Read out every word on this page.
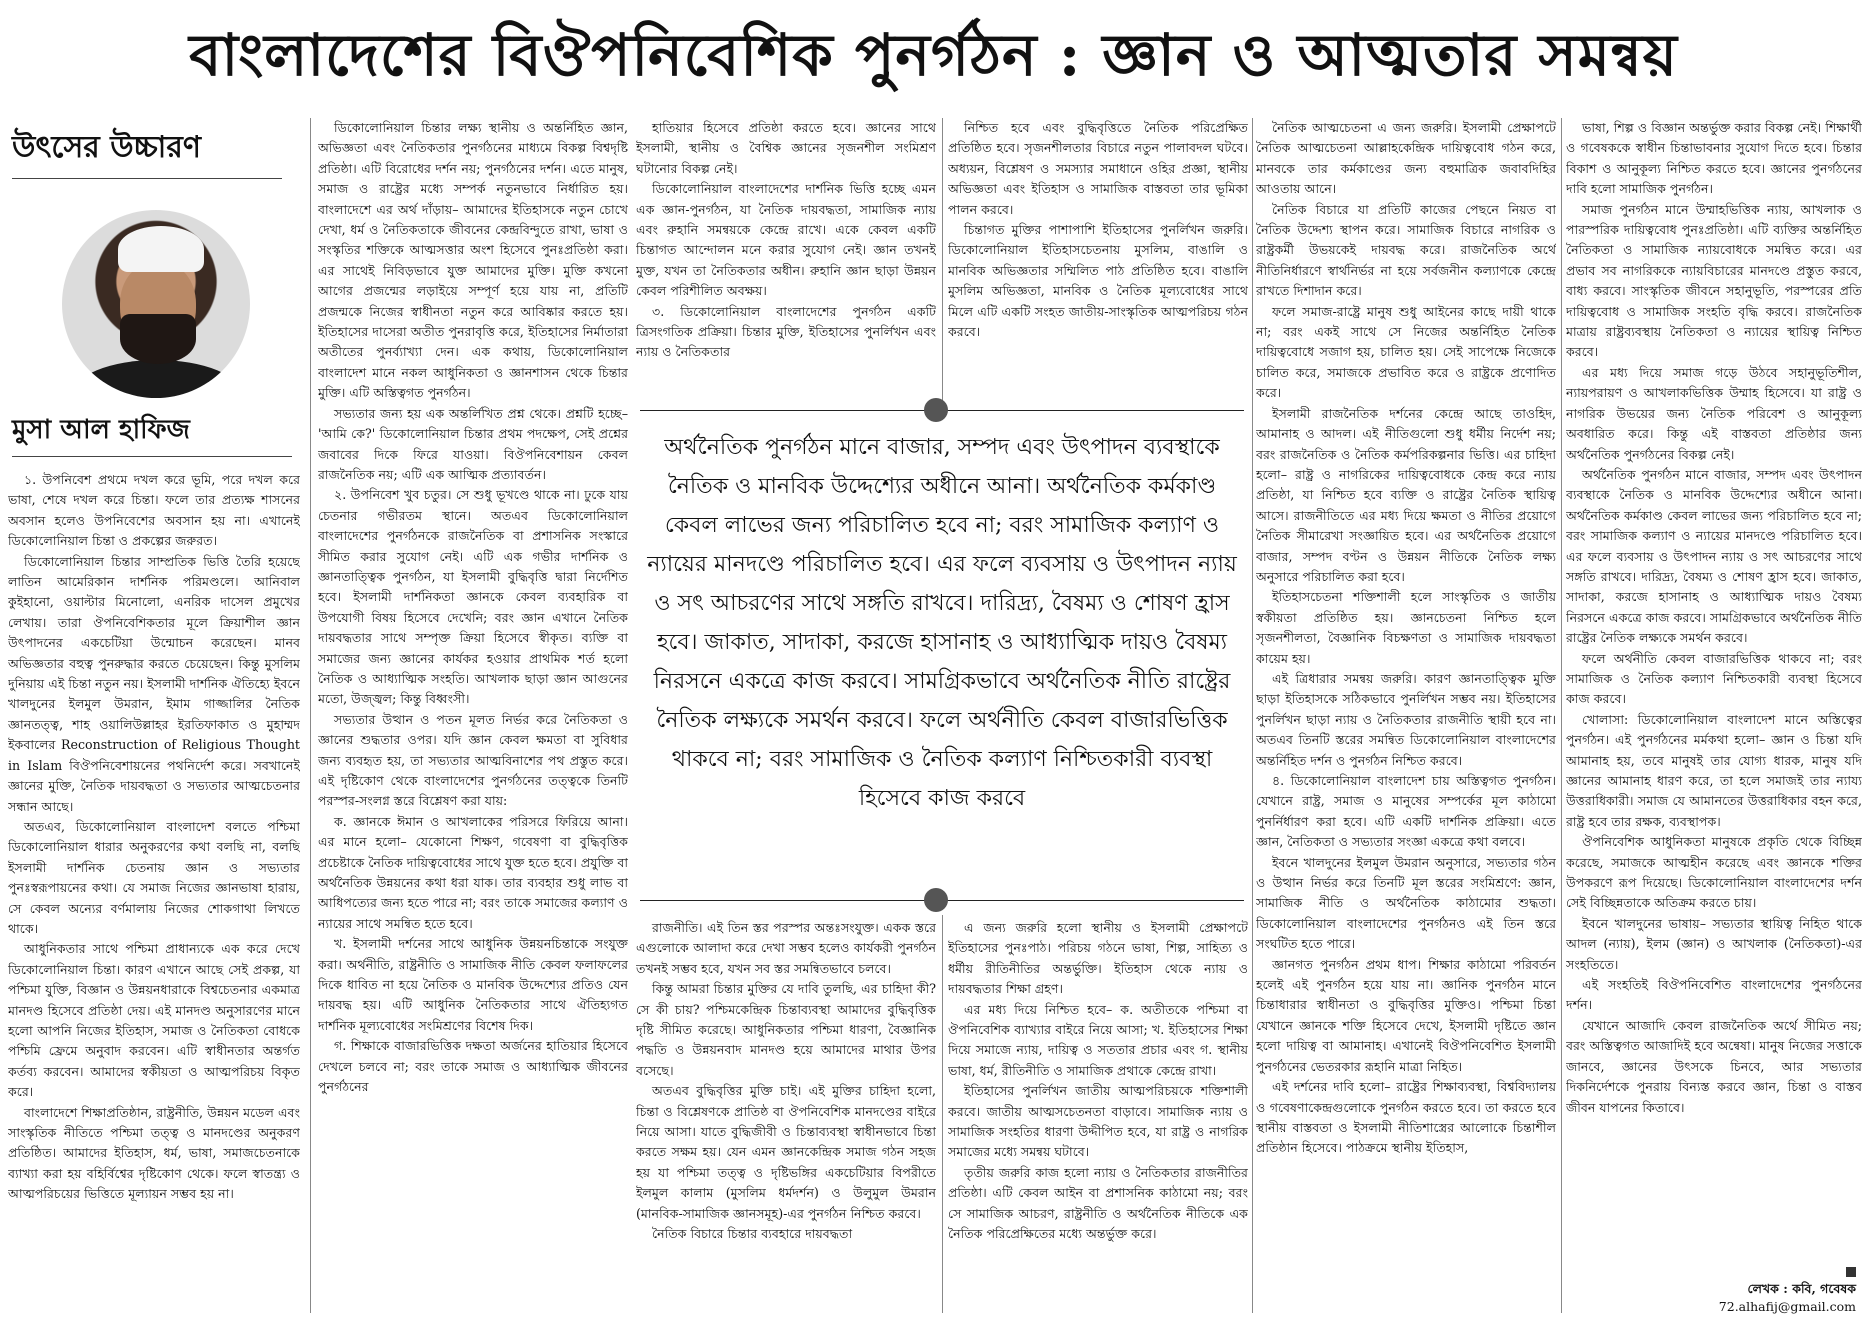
বাংলাদেশের বিঔপনিবেশিক পুনর্গঠন : জ্ঞান ও আত্মতার সমন্বয়
উৎসের উচ্চারণ
মুসা আল হাফিজ

১. উপনিবেশ প্রথমে দখল করে ভূমি, পরে দখল করে ভাষা, শেষে দখল করে চিন্তা। ফলে তার প্রত্যক্ষ শাসনের অবসান হলেও উপনিবেশের অবসান হয় না। এখানেই ডিকোলোনিয়াল চিন্তা ও প্রকল্পের জরুরত।

ডিকোলোনিয়াল চিন্তার সাম্প্রতিক ভিত্তি তৈরি হয়েছে লাতিন আমেরিকান দার্শনিক পরিমণ্ডলে। আনিবাল কুইহানো, ওয়াল্টার মিনোলো, এনরিক দাসেল প্রমুখের লেখায়। তারা ঔপনিবেশিকতার মূলে ক্রিয়াশীল জ্ঞান উৎপাদনের একচেটিয়া উন্মোচন করেছেন। মানব অভিজ্ঞতার বহুত্ব পুনরুদ্ধার করতে চেয়েছেন। কিন্তু মুসলিম দুনিয়ায় এই চিন্তা নতুন নয়। ইসলামী দার্শনিক ঐতিহ্যে ইবনে খালদুনের ইলমুল উমরান, ইমাম গাজ্জালির নৈতিক জ্ঞানতত্ত্ব, শাহ ওয়ালিউল্লাহর ইরতিফাকাত ও মুহাম্মদ ইকবালের Reconstruction of Religious Thought in Islam বিঔপনিবেশায়নের পথনির্দেশ করে। সবখানেই জ্ঞানের মুক্তি, নৈতিক দায়বদ্ধতা ও সভ্যতার আত্মচেতনার সন্ধান আছে।

অতএব, ডিকোলোনিয়াল বাংলাদেশ বলতে পশ্চিমা ডিকোলোনিয়াল ধারার অনুকরণের কথা বলছি না, বলছি ইসলামী দার্শনিক চেতনায় জ্ঞান ও সভ্যতার পুনঃস্বরূপায়নের কথা। যে সমাজ নিজের জ্ঞানভাষা হারায়, সে কেবল অন্যের বর্ণমালায় নিজের শোকগাথা লিখতে থাকে।

আধুনিকতার সাথে পশ্চিমা প্রাধান্যকে এক করে দেখে ডিকোলোনিয়াল চিন্তা। কারণ এখানে আছে সেই প্রকল্প, যা পশ্চিমা যুক্তি, বিজ্ঞান ও উন্নয়নধারাকে বিশ্বচেতনার একমাত্র মানদণ্ড হিসেবে প্রতিষ্ঠা দেয়। এই মানদণ্ড অনুসারণের মানে হলো আপনি নিজের ইতিহাস, সমাজ ও নৈতিকতা বোধকে পশ্চিমি ফ্রেমে অনুবাদ করবেন। এটি স্বাধীনতার অন্তর্গত কর্তব্য করবেন। আমাদের স্বকীয়তা ও আত্মপরিচয় বিকৃত করে।

বাংলাদেশে শিক্ষাপ্রতিষ্ঠান, রাষ্ট্রনীতি, উন্নয়ন মডেল এবং সাংস্কৃতিক নীতিতে পশ্চিমা তত্ত্ব ও মানদণ্ডের অনুকরণ প্রতিষ্ঠিত। আমাদের ইতিহাস, ধর্ম, ভাষা, সমাজচেতনাকে ব্যাখ্যা করা হয় বহির্বিশ্বের দৃষ্টিকোণ থেকে। ফলে স্বাতন্ত্র্য ও আত্মপরিচয়ের ভিত্তিতে মূল্যায়ন সম্ভব হয় না।

ডিকোলোনিয়াল চিন্তার লক্ষ্য স্থানীয় ও অন্তর্নিহিত জ্ঞান, অভিজ্ঞতা এবং নৈতিকতার পুনর্গঠনের মাধ্যমে বিকল্প বিশ্বদৃষ্টি প্রতিষ্ঠা। এটি বিরোধের দর্শন নয়; পুনর্গঠনের দর্শন। এতে মানুষ, সমাজ ও রাষ্ট্রের মধ্যে সম্পর্ক নতুনভাবে নির্ধারিত হয়। বাংলাদেশে এর অর্থ দাঁড়ায়– আমাদের ইতিহাসকে নতুন চোখে দেখা, ধর্ম ও নৈতিকতাকে জীবনের কেন্দ্রবিন্দুতে রাখা, ভাষা ও সংস্কৃতির শক্তিকে আত্মসত্তার অংশ হিসেবে পুনঃপ্রতিষ্ঠা করা। এর সাথেই নিবিড়ভাবে যুক্ত আমাদের মুক্তি। মুক্তি কখনো আগের প্রজন্মের লড়াইয়ে সম্পূর্ণ হয়ে যায় না, প্রতিটি প্রজন্মকে নিজের স্বাধীনতা নতুন করে আবিষ্কার করতে হয়। ইতিহাসের দাসেরা অতীত পুনরাবৃত্তি করে, ইতিহাসের নির্মাতারা অতীতের পুনর্ব্যাখ্যা দেন। এক কথায়, ডিকোলোনিয়াল বাংলাদেশ মানে নকল আধুনিকতা ও জ্ঞানশাসন থেকে চিন্তার মুক্তি। এটি অস্তিত্বগত পুনর্গঠন।

সভ্যতার জন্য হয় এক অন্তর্লিখিত প্রশ্ন থেকে। প্রশ্নটি হচ্ছে– 'আমি কে?' ডিকোলোনিয়াল চিন্তার প্রথম পদক্ষেপ, সেই প্রশ্নের জবাবের দিকে ফিরে যাওয়া। বিঔপনিবেশায়ন কেবল রাজনৈতিক নয়; এটি এক আত্মিক প্রত্যাবর্তন।

২. উপনিবেশ খুব চতুর। সে শুধু ভূখণ্ডে থাকে না। ঢুকে যায় চেতনার গভীরতম স্থানে। অতএব ডিকোলোনিয়াল বাংলাদেশের পুনর্গঠনকে রাজনৈতিক বা প্রশাসনিক সংস্কারে সীমিত করার সুযোগ নেই। এটি এক গভীর দার্শনিক ও জ্ঞানতাত্ত্বিক পুনর্গঠন, যা ইসলামী বুদ্ধিবৃত্তি দ্বারা নির্দেশিত হবে। ইসলামী দার্শনিকতা জ্ঞানকে কেবল ব্যবহারিক বা উপযোগী বিষয় হিসেবে দেখেনি; বরং জ্ঞান এখানে নৈতিক দায়বদ্ধতার সাথে সম্পৃক্ত ক্রিয়া হিসেবে স্বীকৃত। ব্যক্তি বা সমাজের জন্য জ্ঞানের কার্যকর হওয়ার প্রাথমিক শর্ত হলো নৈতিক ও আধ্যাত্মিক সংহতি। আখলাক ছাড়া জ্ঞান আগুনের মতো, উজ্জ্বল; কিন্তু বিধ্বংসী।

সভ্যতার উত্থান ও পতন মূলত নির্ভর করে নৈতিকতা ও জ্ঞানের শুদ্ধতার ওপর। যদি জ্ঞান কেবল ক্ষমতা বা সুবিধার জন্য ব্যবহৃত হয়, তা সভ্যতার আত্মবিনাশের পথ প্রস্তুত করে। এই দৃষ্টিকোণ থেকে বাংলাদেশের পুনর্গঠনের তত্ত্বকে তিনটি পরস্পর-সংলগ্ন স্তরে বিশ্লেষণ করা যায়:

ক. জ্ঞানকে ঈমান ও আখলাকের পরিসরে ফিরিয়ে আনা। এর মানে হলো– যেকোনো শিক্ষণ, গবেষণা বা বুদ্ধিবৃত্তিক প্রচেষ্টাকে নৈতিক দায়িত্ববোধের সাথে যুক্ত হতে হবে। প্রযুক্তি বা অর্থনৈতিক উন্নয়নের কথা ধরা যাক। তার ব্যবহার শুধু লাভ বা আধিপত্যের জন্য হতে পারে না; বরং তাকে সমাজের কল্যাণ ও ন্যায়ের সাথে সমন্বিত হতে হবে।

খ. ইসলামী দর্শনের সাথে আধুনিক উন্নয়নচিন্তাকে সংযুক্ত করা। অর্থনীতি, রাষ্ট্রনীতি ও সামাজিক নীতি কেবল ফলাফলের দিকে ধাবিত না হয়ে নৈতিক ও মানবিক উদ্দেশ্যের প্রতিও যেন দায়বদ্ধ হয়। এটি আধুনিক নৈতিকতার সাথে ঐতিহ্যগত দার্শনিক মূল্যবোধের সংমিশ্রণের বিশেষ দিক।

গ. শিক্ষাকে বাজারভিত্তিক দক্ষতা অর্জনের হাতিয়ার হিসেবে দেখলে চলবে না; বরং তাকে সমাজ ও আধ্যাত্মিক জীবনের পুনর্গঠনের

হাতিয়ার হিসেবে প্রতিষ্ঠা করতে হবে। জ্ঞানের সাথে ইসলামী, স্থানীয় ও বৈশ্বিক জ্ঞানের সৃজনশীল সংমিশ্রণ ঘটানোর বিকল্প নেই।

ডিকোলোনিয়াল বাংলাদেশের দার্শনিক ভিত্তি হচ্ছে এমন এক জ্ঞান-পুনর্গঠন, যা নৈতিক দায়বদ্ধতা, সামাজিক ন্যায় এবং রুহানি সমন্বয়কে কেন্দ্রে রাখে। একে কেবল একটি চিন্তাগত আন্দোলন মনে করার সুযোগ নেই। জ্ঞান তখনই মুক্ত, যখন তা নৈতিকতার অধীন। রুহানি জ্ঞান ছাড়া উন্নয়ন কেবল পরিশীলিত অবক্ষয়।

৩. ডিকোলোনিয়াল বাংলাদেশের পুনর্গঠন একটি ত্রিসংগতিক প্রক্রিয়া। চিন্তার মুক্তি, ইতিহাসের পুনর্লিখন এবং ন্যায় ও নৈতিকতার

নিশ্চিত হবে এবং বুদ্ধিবৃত্তিতে নৈতিক পরিপ্রেক্ষিত প্রতিষ্ঠিত হবে। সৃজনশীলতার বিচারে নতুন পালাবদল ঘটবে। অধ্যয়ন, বিশ্লেষণ ও সমস্যার সমাধানে ওহির প্রজ্ঞা, স্থানীয় অভিজ্ঞতা এবং ইতিহাস ও সামাজিক বাস্তবতা তার ভূমিকা পালন করবে।

চিন্তাগত মুক্তির পাশাপাশি ইতিহাসের পুনর্লিখন জরুরি। ডিকোলোনিয়াল ইতিহাসচেতনায় মুসলিম, বাঙালি ও মানবিক অভিজ্ঞতার সম্মিলিত পাঠ প্রতিষ্ঠিত হবে। বাঙালি মুসলিম অভিজ্ঞতা, মানবিক ও নৈতিক মূল্যবোধের সাথে মিলে এটি একটি সংহত জাতীয়-সাংস্কৃতিক আত্মপরিচয় গঠন করবে।

রাজনীতি। এই তিন স্তর পরস্পর অন্তঃসংযুক্ত। একক স্তরে এগুলোকে আলাদা করে দেখা সম্ভব হলেও কার্যকরী পুনর্গঠন তখনই সম্ভব হবে, যখন সব স্তর সমন্বিতভাবে চলবে।

কিন্তু আমরা চিন্তার মুক্তির যে দাবি তুলছি, এর চাহিদা কী? সে কী চায়? পশ্চিমকেন্দ্রিক চিন্তাব্যবস্থা আমাদের বুদ্ধিবৃত্তিক দৃষ্টি সীমিত করেছে। আধুনিকতার পশ্চিমা ধারণা, বৈজ্ঞানিক পদ্ধতি ও উন্নয়নবাদ মানদণ্ড হয়ে আমাদের মাথার উপর বসেছে।

অতএব বুদ্ধিবৃত্তির মুক্তি চাই। এই মুক্তির চাহিদা হলো, চিন্তা ও বিশ্লেষণকে প্রাতিষ্ঠ বা ঔপনিবেশিক মানদণ্ডের বাইরে নিয়ে আসা। যাতে বুদ্ধিজীবী ও চিন্তাব্যবস্থা স্বাধীনভাবে চিন্তা করতে সক্ষম হয়। যেন এমন জ্ঞানকেন্দ্রিক সমাজ গঠন সহজ হয় যা পশ্চিমা তত্ত্ব ও দৃষ্টিভঙ্গির একচেটিয়ার বিপরীতে ইলমুল কালাম (মুসলিম ধর্মদর্শন) ও উলুমুল উমরান (মানবিক-সামাজিক জ্ঞানসমূহ)-এর পুনর্গঠন নিশ্চিত করবে।

নৈতিক বিচারে চিন্তার ব্যবহারে দায়বদ্ধতা

এ জন্য জরুরি হলো স্থানীয় ও ইসলামী প্রেক্ষাপটে ইতিহাসের পুনঃপাঠ। পরিচয় গঠনে ভাষা, শিল্প, সাহিত্য ও ধর্মীয় রীতিনীতির অন্তর্ভুক্তি। ইতিহাস থেকে ন্যায় ও দায়বদ্ধতার শিক্ষা গ্রহণ।

এর মধ্য দিয়ে নিশ্চিত হবে– ক. অতীতকে পশ্চিমা বা ঔপনিবেশিক ব্যাখ্যার বাইরে নিয়ে আসা; খ. ইতিহাসের শিক্ষা দিয়ে সমাজে ন্যায়, দায়িত্ব ও সততার প্রচার এবং গ. স্থানীয় ভাষা, ধর্ম, রীতিনীতি ও সামাজিক প্রথাকে কেন্দ্রে রাখা।

ইতিহাসের পুনর্লিখন জাতীয় আত্মপরিচয়কে শক্তিশালী করবে। জাতীয় আত্মসচেতনতা বাড়াবে। সামাজিক ন্যায় ও সামাজিক সংহতির ধারণা উদ্দীপিত হবে, যা রাষ্ট্র ও নাগরিক সমাজের মধ্যে সমন্বয় ঘটাবে।

তৃতীয় জরুরি কাজ হলো ন্যায় ও নৈতিকতার রাজনীতির প্রতিষ্ঠা। এটি কেবল আইন বা প্রশাসনিক কাঠামো নয়; বরং সে সামাজিক আচরণ, রাষ্ট্রনীতি ও অর্থনৈতিক নীতিকে এক নৈতিক পরিপ্রেক্ষিতের মধ্যে অন্তর্ভুক্ত করে।

নৈতিক আত্মচেতনা এ জন্য জরুরি। ইসলামী প্রেক্ষাপটে নৈতিক আত্মচেতনা আল্লাহকেন্দ্রিক দায়িত্ববোধ গঠন করে, মানবকে তার কর্মকাণ্ডের জন্য বহুমাত্রিক জবাবদিহির আওতায় আনে।

নৈতিক বিচারে যা প্রতিটি কাজের পেছনে নিয়ত বা নৈতিক উদ্দেশ্য স্থাপন করে। সামাজিক বিচারে নাগরিক ও রাষ্ট্রকর্মী উভয়কেই দায়বদ্ধ করে। রাজনৈতিক অর্থে নীতিনির্ধারণে স্বার্থনির্ভর না হয়ে সর্বজনীন কল্যাণকে কেন্দ্রে রাখতে দিশাদান করে।

ফলে সমাজ-রাষ্ট্রে মানুষ শুধু আইনের কাছে দায়ী থাকে না; বরং একই সাথে সে নিজের অন্তর্নিহিত নৈতিক দায়িত্ববোধে সজাগ হয়, চালিত হয়। সেই সাপেক্ষে নিজেকে চালিত করে, সমাজকে প্রভাবিত করে ও রাষ্ট্রকে প্রণোদিত করে।

ইসলামী রাজনৈতিক দর্শনের কেন্দ্রে আছে তাওহিদ, আমানাহ ও আদল। এই নীতিগুলো শুধু ধর্মীয় নির্দেশ নয়; বরং রাজনৈতিক ও নৈতিক কর্মপরিকল্পনার ভিত্তি। এর চাহিদা হলো– রাষ্ট্র ও নাগরিকের দায়িত্ববোধকে কেন্দ্র করে ন্যায় প্রতিষ্ঠা, যা নিশ্চিত হবে ব্যক্তি ও রাষ্ট্রের নৈতিক স্থায়িত্ব আসে। রাজনীতিতে এর মধ্য দিয়ে ক্ষমতা ও নীতির প্রয়োগে নৈতিক সীমারেখা সংজ্ঞায়িত হবে। এর অর্থনৈতিক প্রয়োগে বাজার, সম্পদ বণ্টন ও উন্নয়ন নীতিকে নৈতিক লক্ষ্য অনুসারে পরিচালিত করা হবে।

ইতিহাসচেতনা শক্তিশালী হলে সাংস্কৃতিক ও জাতীয় স্বকীয়তা প্রতিষ্ঠিত হয়। জ্ঞানচেতনা নিশ্চিত হলে সৃজনশীলতা, বৈজ্ঞানিক বিচক্ষণতা ও সামাজিক দায়বদ্ধতা কায়েম হয়।

এই ত্রিধারার সমন্বয় জরুরি। কারণ জ্ঞানতাত্ত্বিক মুক্তি ছাড়া ইতিহাসকে সঠিকভাবে পুনর্লিখন সম্ভব নয়। ইতিহাসের পুনর্লিখন ছাড়া ন্যায় ও নৈতিকতার রাজনীতি স্থায়ী হবে না। অতএব তিনটি স্তরের সমন্বিত ডিকোলোনিয়াল বাংলাদেশের অন্তর্নিহিত দর্শন ও পুনর্গঠন নিশ্চিত করবে।

৪. ডিকোলোনিয়াল বাংলাদেশ চায় অস্তিত্বগত পুনর্গঠন। যেখানে রাষ্ট্র, সমাজ ও মানুষের সম্পর্কের মূল কাঠামো পুনর্নির্ধারণ করা হবে। এটি একটি দার্শনিক প্রক্রিয়া। এতে জ্ঞান, নৈতিকতা ও সভ্যতার সংজ্ঞা একত্রে কথা বলবে।

ইবনে খালদুনের ইলমুল উমরান অনুসারে, সভ্যতার গঠন ও উত্থান নির্ভর করে তিনটি মূল স্তরের সংমিশ্রণে: জ্ঞান, সামাজিক নীতি ও অর্থনৈতিক কাঠামোর শুদ্ধতা। ডিকোলোনিয়াল বাংলাদেশের পুনর্গঠনও এই তিন স্তরে সংঘটিত হতে পারে।

জ্ঞানগত পুনর্গঠন প্রথম ধাপ। শিক্ষার কাঠামো পরিবর্তন হলেই এই পুনর্গঠন হয়ে যায় না। জ্ঞানিক পুনর্গঠন মানে চিন্তাধারার স্বাধীনতা ও বুদ্ধিবৃত্তির মুক্তিও। পশ্চিমা চিন্তা যেখানে জ্ঞানকে শক্তি হিসেবে দেখে, ইসলামী দৃষ্টিতে জ্ঞান হলো দায়িত্ব বা আমানাহ। এখানেই বিঔপনিবেশিত ইসলামী পুনর্গঠনের ভেতরকার রূহানি মাত্রা নিহিত।

এই দর্শনের দাবি হলো– রাষ্ট্রের শিক্ষাব্যবস্থা, বিশ্ববিদ্যালয় ও গবেষণাকেন্দ্রগুলোকে পুনর্গঠন করতে হবে। তা করতে হবে স্থানীয় বাস্তবতা ও ইসলামী নীতিশাস্ত্রের আলোকে চিন্তাশীল প্রতিষ্ঠান হিসেবে। পাঠক্রমে স্থানীয় ইতিহাস,

ভাষা, শিল্প ও বিজ্ঞান অন্তর্ভুক্ত করার বিকল্প নেই। শিক্ষার্থী ও গবেষককে স্বাধীন চিন্তাভাবনার সুযোগ দিতে হবে। চিন্তার বিকাশ ও আনুকূল্য নিশ্চিত করতে হবে। জ্ঞানের পুনর্গঠনের দাবি হলো সামাজিক পুনর্গঠন।

সমাজ পুনর্গঠন মানে উম্মাহভিত্তিক ন্যায়, আখলাক ও পারস্পরিক দায়িত্ববোধ পুনঃপ্রতিষ্ঠা। এটি ব্যক্তির অন্তর্নিহিত নৈতিকতা ও সামাজিক ন্যায়বোধকে সমন্বিত করে। এর প্রভাব সব নাগরিককে ন্যায়বিচারের মানদণ্ডে প্রস্তুত করবে, বাধ্য করবে। সাংস্কৃতিক জীবনে সহানুভূতি, পরস্পরের প্রতি দায়িত্ববোধ ও সামাজিক সংহতি বৃদ্ধি করবে। রাজনৈতিক মাত্রায় রাষ্ট্রব্যবস্থায় নৈতিকতা ও ন্যায়ের স্থায়িত্ব নিশ্চিত করবে।

এর মধ্য দিয়ে সমাজ গড়ে উঠবে সহানুভূতিশীল, ন্যায়পরায়ণ ও আখলাকভিত্তিক উম্মাহ হিসেবে। যা রাষ্ট্র ও নাগরিক উভয়ের জন্য নৈতিক পরিবেশ ও আনুকূল্য অবধারিত করে। কিন্তু এই বাস্তবতা প্রতিষ্ঠার জন্য অর্থনৈতিক পুনর্গঠনের বিকল্প নেই।

অর্থনৈতিক পুনর্গঠন মানে বাজার, সম্পদ এবং উৎপাদন ব্যবস্থাকে নৈতিক ও মানবিক উদ্দেশ্যের অধীনে আনা। অর্থনৈতিক কর্মকাণ্ড কেবল লাভের জন্য পরিচালিত হবে না; বরং সামাজিক কল্যাণ ও ন্যায়ের মানদণ্ডে পরিচালিত হবে। এর ফলে ব্যবসায় ও উৎপাদন ন্যায় ও সৎ আচরণের সাথে সঙ্গতি রাখবে। দারিদ্র্য, বৈষম্য ও শোষণ হ্রাস হবে। জাকাত, সাদাকা, করজে হাসানাহ ও আধ্যাত্মিক দায়ও বৈষম্য নিরসনে একত্রে কাজ করবে। সামগ্রিকভাবে অর্থনৈতিক নীতি রাষ্ট্রের নৈতিক লক্ষ্যকে সমর্থন করবে।

ফলে অর্থনীতি কেবল বাজারভিত্তিক থাকবে না; বরং সামাজিক ও নৈতিক কল্যাণ নিশ্চিতকারী ব্যবস্থা হিসেবে কাজ করবে।

খোলাসা: ডিকোলোনিয়াল বাংলাদেশ মানে অস্তিত্বের পুনর্গঠন। এই পুনর্গঠনের মর্মকথা হলো– জ্ঞান ও চিন্তা যদি আমানাহ হয়, তবে মানুষই তার যোগ্য ধারক, মানুষ যদি জ্ঞানের আমানাহ ধারণ করে, তা হলে সমাজই তার ন্যায্য উত্তরাধিকারী। সমাজ যে আমানতের উত্তরাধিকার বহন করে, রাষ্ট্র হবে তার রক্ষক, ব্যবস্থাপক।

ঔপনিবেশিক আধুনিকতা মানুষকে প্রকৃতি থেকে বিচ্ছিন্ন করেছে, সমাজকে আত্মহীন করেছে এবং জ্ঞানকে শক্তির উপকরণে রূপ দিয়েছে। ডিকোলোনিয়াল বাংলাদেশের দর্শন সেই বিচ্ছিন্নতাকে অতিক্রম করতে চায়।

ইবনে খালদুনের ভাষায়– সভ্যতার স্থায়িত্ব নিহিত থাকে আদল (ন্যায়), ইলম (জ্ঞান) ও আখলাক (নৈতিকতা)-এর সংহতিতে।

এই সংহতিই বিঔপনিবেশিত বাংলাদেশের পুনর্গঠনের দর্শন।

যেখানে আজাদি কেবল রাজনৈতিক অর্থে সীমিত নয়; বরং অস্তিত্বগত আজাদিই হবে অন্বেষা। মানুষ নিজের সত্তাকে জানবে, জ্ঞানের উৎসকে চিনবে, আর সভ্যতার দিকনির্দেশকে পুনরায় বিন্যস্ত করবে জ্ঞান, চিন্তা ও বাস্তব জীবন যাপনের কিতাবে।

অর্থনৈতিক পুনর্গঠন মানে বাজার, সম্পদ এবং উৎপাদন ব্যবস্থাকে নৈতিক ও মানবিক উদ্দেশ্যের অধীনে আনা। অর্থনৈতিক কর্মকাণ্ড কেবল লাভের জন্য পরিচালিত হবে না; বরং সামাজিক কল্যাণ ও ন্যায়ের মানদণ্ডে পরিচালিত হবে। এর ফলে ব্যবসায় ও উৎপাদন ন্যায় ও সৎ আচরণের সাথে সঙ্গতি রাখবে। দারিদ্র্য, বৈষম্য ও শোষণ হ্রাস হবে। জাকাত, সাদাকা, করজে হাসানাহ ও আধ্যাত্মিক দায়ও বৈষম্য নিরসনে একত্রে কাজ করবে। সামগ্রিকভাবে অর্থনৈতিক নীতি রাষ্ট্রের নৈতিক লক্ষ্যকে সমর্থন করবে। ফলে অর্থনীতি কেবল বাজারভিত্তিক থাকবে না; বরং সামাজিক ও নৈতিক কল্যাণ নিশ্চিতকারী ব্যবস্থা হিসেবে কাজ করবে
লেখক : কবি, গবেষক
72.alhafij@gmail.com
